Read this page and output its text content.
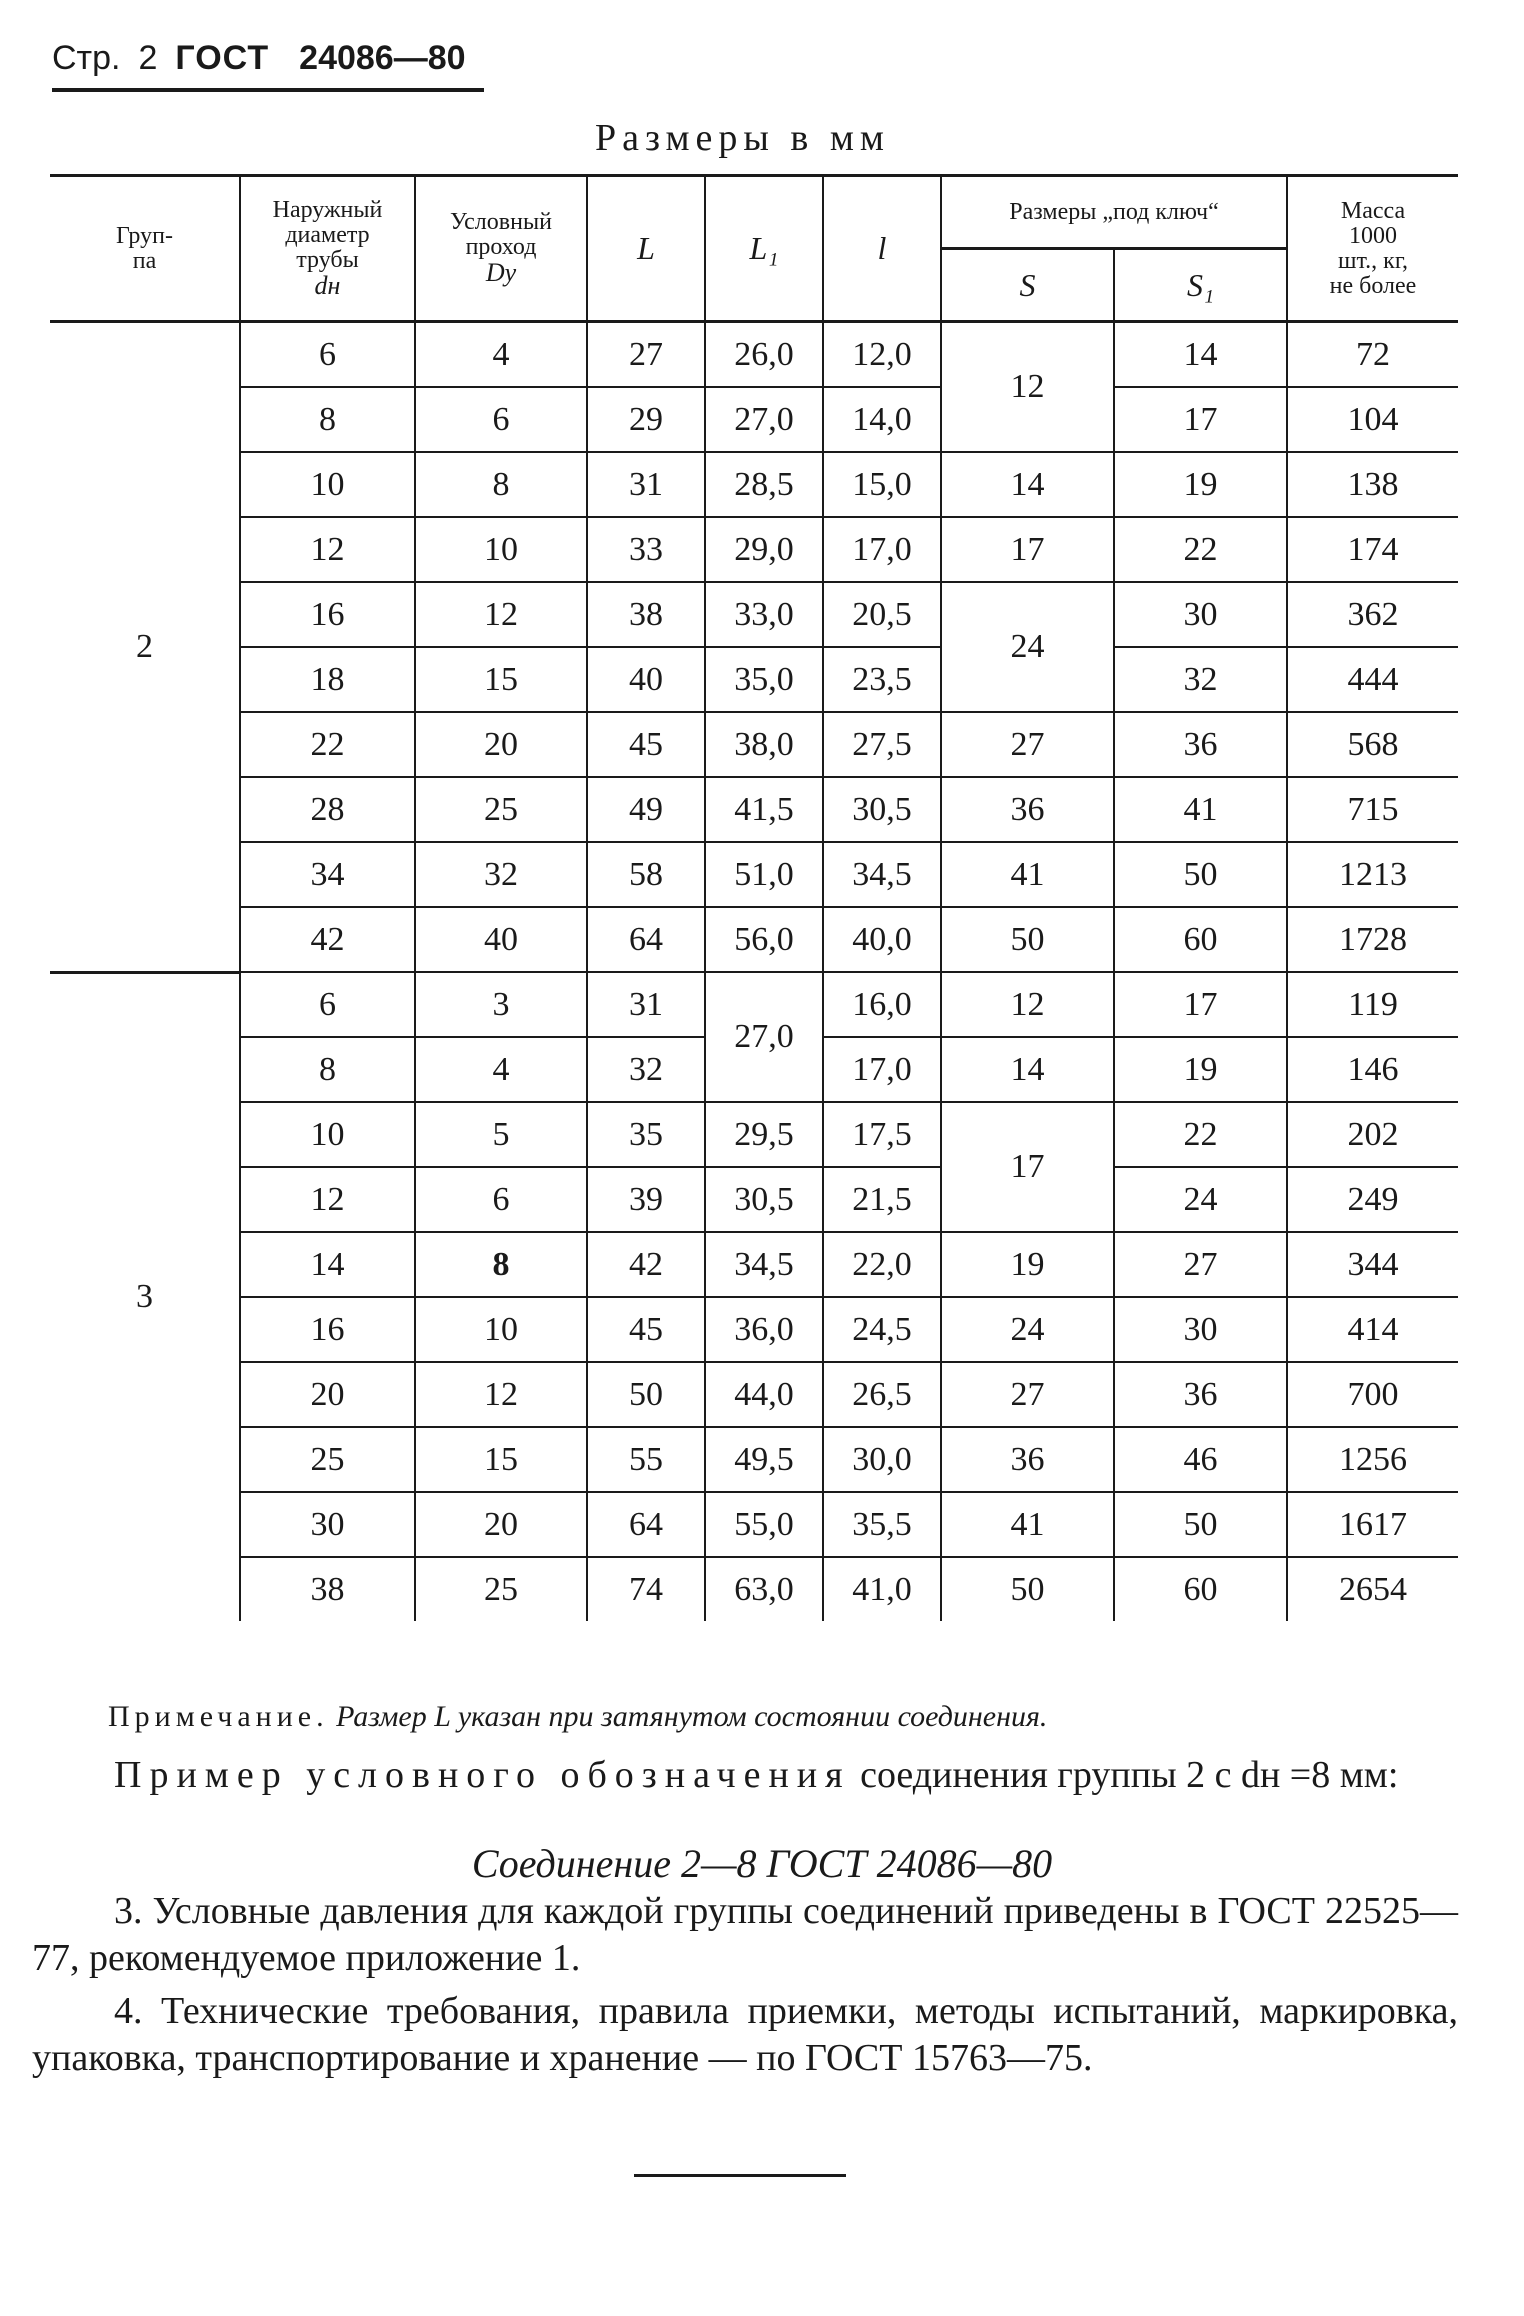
Стр. 2 ГОСТ 24086—80
Размеры в мм
Груп-
па	Наружный
диаметр
трубы
dн	Условный
проход
Dy	L	L₁	l	Размеры „под ключ“		Масса
1000
шт., кг,
не более
						S	S₁	
2	6	4	27	26,0	12,0	12	14	72
	8	6	29	27,0	14,0		17	104
	10	8	31	28,5	15,0	14	19	138
	12	10	33	29,0	17,0	17	22	174
	16	12	38	33,0	20,5	24	30	362
	18	15	40	35,0	23,5		32	444
	22	20	45	38,0	27,5	27	36	568
	28	25	49	41,5	30,5	36	41	715
	34	32	58	51,0	34,5	41	50	1213
	42	40	64	56,0	40,0	50	60	1728
3	6	3	31	27,0	16,0	12	17	119
	8	4	32		17,0	14	19	146
	10	5	35	29,5	17,5	17	22	202
	12	6	39	30,5	21,5		24	249
	14	8	42	34,5	22,0	19	27	344
	16	10	45	36,0	24,5	24	30	414
	20	12	50	44,0	26,5	27	36	700
	25	15	55	49,5	30,0	36	46	1256
	30	20	64	55,0	35,5	41	50	1617
	38	25	74	63,0	41,0	50	60	2654
Примечание. Размер L указан при затянутом состоянии соединения.
Пример условного обозначения соединения группы 2 с dн =8 мм:
Соединение 2—8 ГОСТ 24086—80
3. Условные давления для каждой группы соединений приведены в ГОСТ 22525—77, рекомендуемое приложение 1.
4. Технические требования, правила приемки, методы испытаний, маркировка, упаковка, транспортирование и хранение — по ГОСТ 15763—75.
